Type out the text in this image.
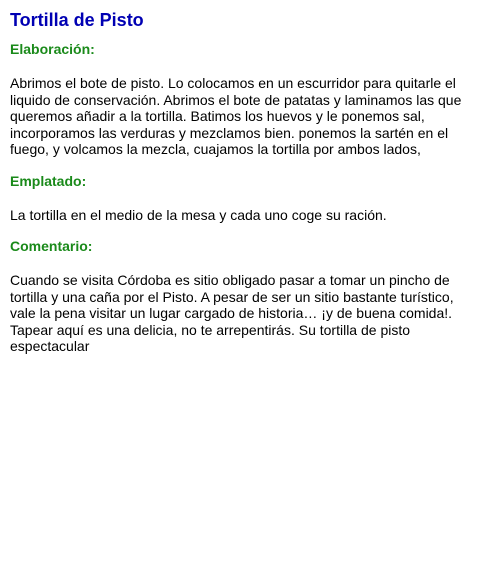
Tortilla de Pisto
Elaboración:

Abrimos el bote de pisto. Lo colocamos en un escurridor para quitarle el liquido de conservación. Abrimos el bote de patatas y laminamos las que queremos añadir a la tortilla. Batimos los huevos y le ponemos sal, incorporamos las verduras y mezclamos bien. ponemos la sartén en el fuego, y volcamos la mezcla, cuajamos la tortilla por ambos lados,

Emplatado:

La tortilla en el medio de la mesa y cada uno coge su ración.

Comentario:

Cuando se visita Córdoba es sitio obligado pasar a tomar un pincho de tortilla y una caña por el Pisto. A pesar de ser un sitio bastante turístico, vale la pena visitar un lugar cargado de historia… ¡y de buena comida!. Tapear aquí es una delicia, no te arrepentirás. Su tortilla de pisto espectacular
